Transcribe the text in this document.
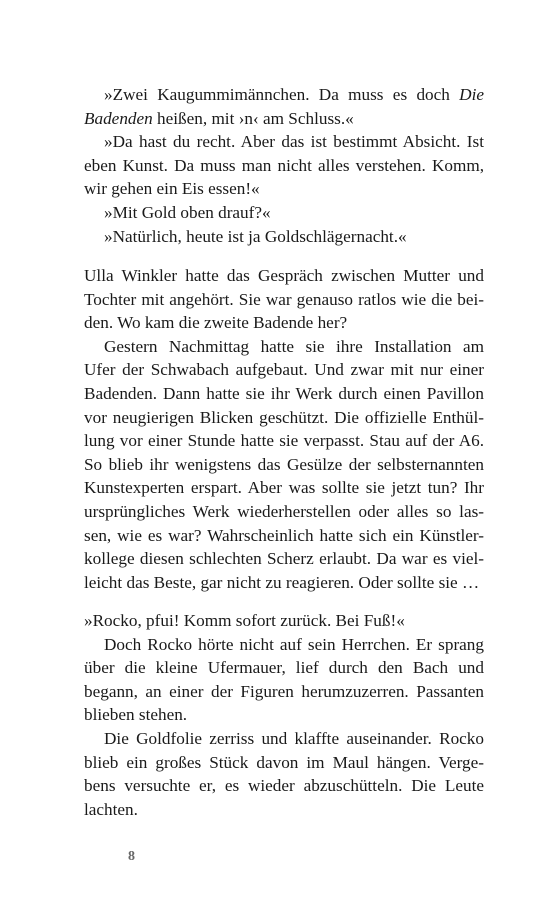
»Zwei Kaugummimännchen. Da muss es doch Die
Badenden heißen, mit ›n‹ am Schluss.«
»Da hast du recht. Aber das ist bestimmt Absicht. Ist
eben Kunst. Da muss man nicht alles verstehen. Komm,
wir gehen ein Eis essen!«
»Mit Gold oben drauf?«
»Natürlich, heute ist ja Goldschlägernacht.«
Ulla Winkler hatte das Gespräch zwischen Mutter und
Tochter mit angehört. Sie war genauso ratlos wie die bei-
den. Wo kam die zweite Badende her?
Gestern Nachmittag hatte sie ihre Installation am
Ufer der Schwabach aufgebaut. Und zwar mit nur einer
Badenden. Dann hatte sie ihr Werk durch einen Pavillon
vor neugierigen Blicken geschützt. Die offizielle Enthül-
lung vor einer Stunde hatte sie verpasst. Stau auf der A6.
So blieb ihr wenigstens das Gesülze der selbsternannten
Kunstexperten erspart. Aber was sollte sie jetzt tun? Ihr
ursprüngliches Werk wiederherstellen oder alles so las-
sen, wie es war? Wahrscheinlich hatte sich ein Künstler-
kollege diesen schlechten Scherz erlaubt. Da war es viel-
leicht das Beste, gar nicht zu reagieren. Oder sollte sie …
»Rocko, pfui! Komm sofort zurück. Bei Fuß!«
Doch Rocko hörte nicht auf sein Herrchen. Er sprang
über die kleine Ufermauer, lief durch den Bach und
begann, an einer der Figuren herumzuzerren. Passanten
blieben stehen.
Die Goldfolie zerriss und klaffte auseinander. Rocko
blieb ein großes Stück davon im Maul hängen. Verge-
bens versuchte er, es wieder abzuschütteln. Die Leute
lachten.
8
